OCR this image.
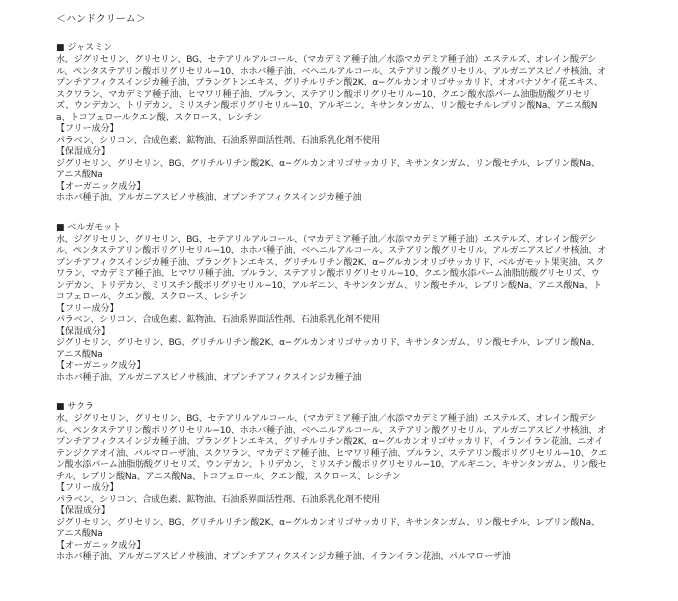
＜ハンドクリーム＞
■ ジャスミン

水、ジグリセリン、グリセリン、BG、セテアリルアルコール、（マカデミア種子油／水添マカデミア種子油）エステルズ、オレイン酸デシル、ペンタステアリン酸ポリグリセリル−10、ホホバ種子油、ベヘニルアルコール、ステアリン酸グリセリル、アルガニアスピノサ核油、オプンチアフィクスインジカ種子油、プラングトンエキス、グリチルリチン酸2K、α−グルカンオリゴサッカリド、オオバナソケイ花エキス、スクワラン、マカデミア種子油、ヒマワリ種子油、プルラン、ステアリン酸ポリグリセリル−10、クエン酸水添パーム油脂肪酸グリセリズ、ウンデカン、トリデカン、ミリスチン酸ポリグリセリル−10、アルギニン、キサンタンガム、リン酸セチルレプリン酸Na、アニス酸Na、トコフェロールクエン酸、スクロース、レシチン

【フリー成分】

パラベン、シリコン、合成色素、鉱物油、石油系界面活性剤、石油系乳化剤不使用

【保湿成分】

ジグリセリン、グリセリン、BG、グリチルリチン酸2K、α−グルカンオリゴサッカリド、キサンタンガム、リン酸セチル、レブリン酸Na、アニス酸Na

【オーガニック成分】

ホホバ種子油、アルガニアスピノサ核油、オプンチアフィクスインジカ種子油

■ ベルガモット

水、ジグリセリン、グリセリン、BG、セテアリルアルコール、（マカデミア種子油／水添マカデミア種子油）エステルズ、オレイン酸デシル、ペンタステアリン酸ポリグリセリル−10、ホホバ種子油、ベヘニルアルコール、ステアリン酸グリセリル、アルガニアスピノサ核油、オプンチアフィクスインジカ種子油、プラングトンエキス、グリチルリチン酸2K、α−グルカンオリゴサッカリド、ベルガモット果実油、スクワラン、マカデミア種子油、ヒマワリ種子油、プルラン、ステアリン酸ポリグリセリル−10、クエン酸水添パーム油脂肪酸グリセリズ、ウンデカン、トリデカン、ミリスチン酸ポリグリセリル−10、アルギニン、キサンタンガム、リン酸セチル、レブリン酸Na、アニス酸Na、トコフェロール、クエン酸、スクロース、レシチン

【フリー成分】

パラベン、シリコン、合成色素、鉱物油、石油系界面活性剤、石油系乳化剤不使用

【保湿成分】

ジグリセリン、グリセリン、BG、グリチルリチン酸2K、α−グルカンオリゴサッカリド、キサンタンガム、リン酸セチル、レブリン酸Na、アニス酸Na

【オーガニック成分】

ホホバ種子油、アルガニアスピノサ核油、オプンチアフィクスインジカ種子油

■ サクラ

水、ジグリセリン、グリセリン、BG、セテアリルアルコール、（マカデミア種子油／水添マカデミア種子油）エステルズ、オレイン酸デシル、ペンタステアリン酸ポリグリセリル−10、ホホバ種子油、ベヘニルアルコール、ステアリン酸グリセリル、アルガニアスピノサ核油、オプンチアフィクスインジカ種子油、プラングトンエキス、グリチルリチン酸2K、α−グルカンオリゴサッカリド、イランイラン花油、ニオイテンジクアオイ油、パルマローザ油、スクワラン、マカデミア種子油、ヒマワリ種子油、プルラン、ステアリン酸ポリグリセリル−10、クエン酸水添パーム油脂肪酸グリセリズ、ウンデカン、トリデカン、ミリスチン酸ポリグリセリル−10、アルギニン、キサンタンガム、リン酸セチル、レブリン酸Na、アニス酸Na、トコフェロール、クエン酸、スクロース、レシチン

【フリー成分】

パラベン、シリコン、合成色素、鉱物油、石油系界面活性剤、石油系乳化剤不使用

【保湿成分】

ジグリセリン、グリセリン、BG、グリチルリチン酸2K、α−グルカンオリゴサッカリド、キサンタンガム、リン酸セチル、レブリン酸Na、アニス酸Na

【オーガニック成分】

ホホバ種子油、アルガニアスピノサ核油、オプンチアフィクスインジカ種子油、イランイラン花油、パルマローザ油
